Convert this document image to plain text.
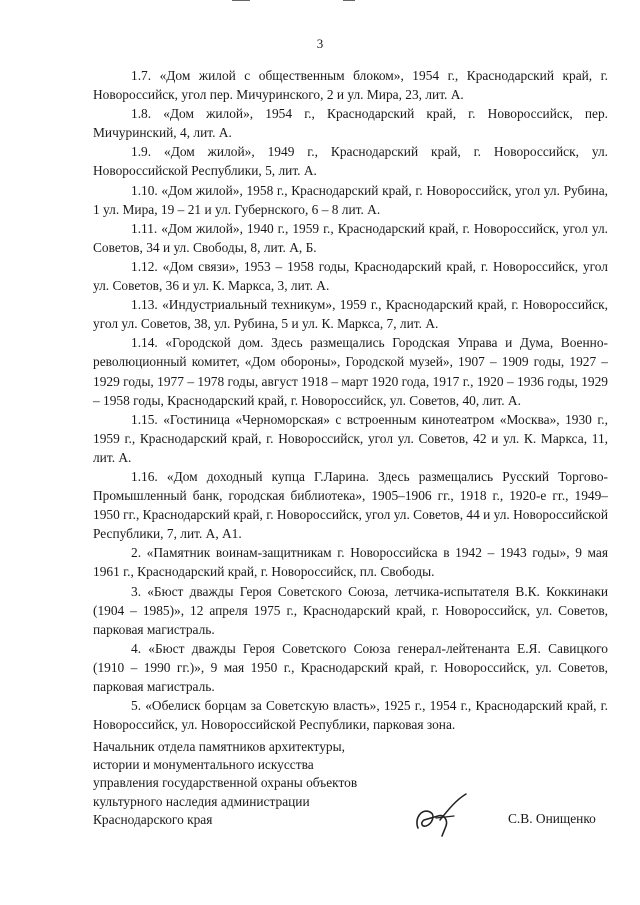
3

1.7. «Дом жилой с общественным блоком», 1954 г., Краснодарский край, г. Новороссийск, угол пер. Мичуринского, 2 и ул. Мира, 23, лит. А.

1.8. «Дом жилой», 1954 г., Краснодарский край, г. Новороссийск, пер. Мичуринский, 4, лит. А.

1.9. «Дом жилой», 1949 г., Краснодарский край, г. Новороссийск, ул. Новороссийской Республики, 5, лит. А.

1.10. «Дом жилой», 1958 г., Краснодарский край, г. Новороссийск, угол ул. Рубина, 1 ул. Мира, 19 – 21 и ул. Губернского, 6 – 8 лит. А.

1.11. «Дом жилой», 1940 г., 1959 г., Краснодарский край, г. Новороссийск, угол ул. Советов, 34 и ул. Свободы, 8, лит. А, Б.

1.12. «Дом связи», 1953 – 1958 годы, Краснодарский край, г. Новороссийск, угол ул. Советов, 36 и ул. К. Маркса, 3, лит. А.

1.13. «Индустриальный техникум», 1959 г., Краснодарский край, г. Новороссийск, угол ул. Советов, 38, ул. Рубина, 5 и ул. К. Маркса, 7, лит. А.

1.14. «Городской дом. Здесь размещались Городская Управа и Дума, Военно-революционный комитет, «Дом обороны», Городской музей», 1907 – 1909 годы, 1927 – 1929 годы, 1977 – 1978 годы, август 1918 – март 1920 года, 1917 г., 1920 – 1936 годы, 1929 – 1958 годы, Краснодарский край, г. Новороссийск, ул. Советов, 40, лит. А.

1.15. «Гостиница «Черноморская» с встроенным кинотеатром «Москва», 1930 г., 1959 г., Краснодарский край, г. Новороссийск, угол ул. Советов, 42 и ул. К. Маркса, 11, лит. А.

1.16. «Дом доходный купца Г.Ларина. Здесь размещались Русский Торгово-Промышленный банк, городская библиотека», 1905–1906 гг., 1918 г., 1920-е гг., 1949–1950 гг., Краснодарский край, г. Новороссийск, угол ул. Советов, 44 и ул. Новороссийской Республики, 7, лит. А, А1.

2. «Памятник воинам-защитникам г. Новороссийска в 1942 – 1943 годы», 9 мая 1961 г., Краснодарский край, г. Новороссийск, пл. Свободы.

3. «Бюст дважды Героя Советского Союза, летчика-испытателя В.К. Коккинаки (1904 – 1985)», 12 апреля 1975 г., Краснодарский край, г. Новороссийск, ул. Советов, парковая магистраль.

4. «Бюст дважды Героя Советского Союза генерал-лейтенанта Е.Я. Савицкого (1910 – 1990 гг.)», 9 мая 1950 г., Краснодарский край, г. Новороссийск, ул. Советов, парковая магистраль.

5. «Обелиск борцам за Советскую власть», 1925 г., 1954 г., Краснодарский край, г. Новороссийск, ул. Новороссийской Республики, парковая зона.

Начальник отдела памятников архитектуры,
истории и монументального искусства
управления государственной охраны объектов
культурного наследия администрации
Краснодарского края	С.В. Онищенко
